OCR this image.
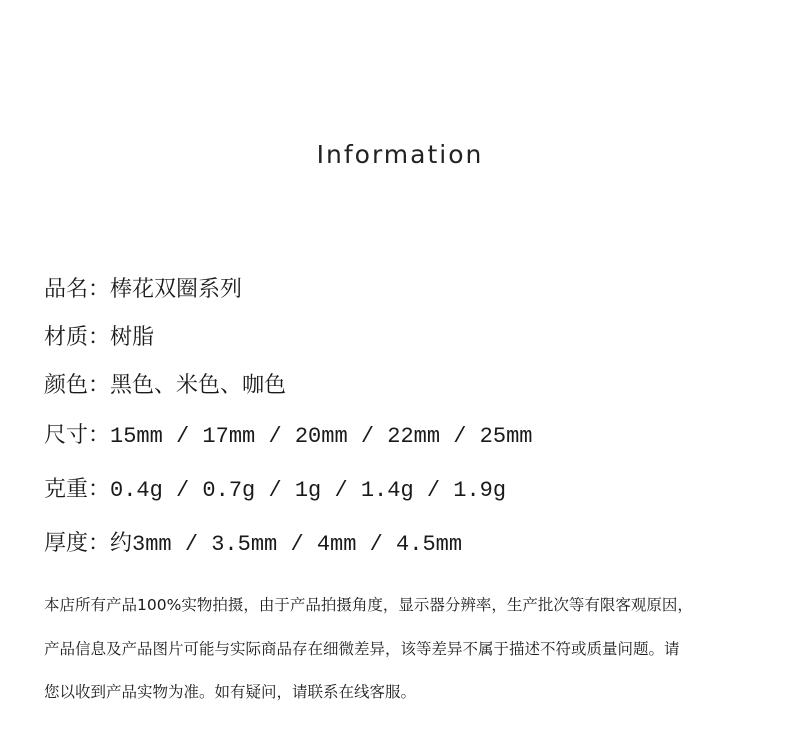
Information
品名：棒花双圈系列
材质：树脂
颜色：黑色、米色、咖色
尺寸：15mm / 17mm / 20mm / 22mm / 25mm
克重：0.4g / 0.7g / 1g / 1.4g / 1.9g
厚度：约3mm / 3.5mm / 4mm / 4.5mm
本店所有产品100%实物拍摄，由于产品拍摄角度，显示器分辨率，生产批次等有限客观原因，
产品信息及产品图片可能与实际商品存在细微差异，该等差异不属于描述不符或质量问题。请
您以收到产品实物为准。如有疑问，请联系在线客服。
